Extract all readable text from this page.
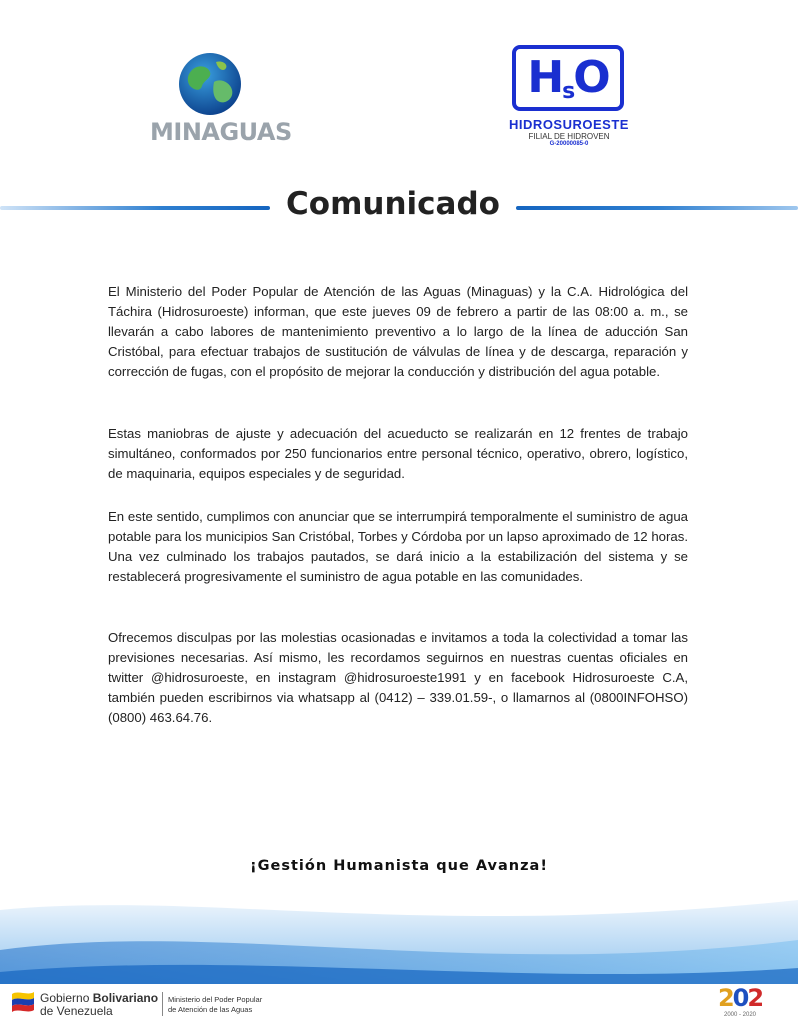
MINAGUAS
$H_sO$
HIDROSUROESTE
FILIAL DE HIDROVEN
G-20000085-0
Comunicado

El Ministerio del Poder Popular de Atención de las Aguas (Minaguas) y la C.A. Hidrológica del Táchira (Hidrosuroeste) informan, que este jueves 09 de febrero a partir de las 08:00 a. m., se llevarán a cabo labores de mantenimiento preventivo a lo largo de la línea de aducción San Cristóbal, para efectuar trabajos de sustitución de válvulas de línea y de descarga, reparación y corrección de fugas, con el propósito de mejorar la conducción y distribución del agua potable.

Estas maniobras de ajuste y adecuación del acueducto se realizarán en 12 frentes de trabajo simultáneo, conformados por 250 funcionarios entre personal técnico, operativo, obrero, logístico, de maquinaria, equipos especiales y de seguridad.

En este sentido, cumplimos con anunciar que se interrumpirá temporalmente el suministro de agua potable para los municipios San Cristóbal, Torbes y Córdoba por un lapso aproximado de 12 horas. Una vez culminado los trabajos pautados, se dará inicio a la estabilización del sistema y se restablecerá progresivamente el suministro de agua potable en las comunidades.

Ofrecemos disculpas por las molestias ocasionadas e invitamos a toda la colectividad a tomar las previsiones necesarias. Así mismo, les recordamos seguirnos en nuestras cuentas oficiales en twitter @hidrosuroeste, en instagram @hidrosuroeste1991 y en facebook Hidrosuroeste C.A, también pueden escribirnos via whatsapp al (0412) – 339.01.59-, o llamarnos al (0800INFOHSO) (0800) 463.64.76.

¡Gestión Humanista que Avanza!
Gobierno Bolivariano
de Venezuela
Ministerio del Poder Popular
de Atención de las Aguas	202
2000 - 2020
